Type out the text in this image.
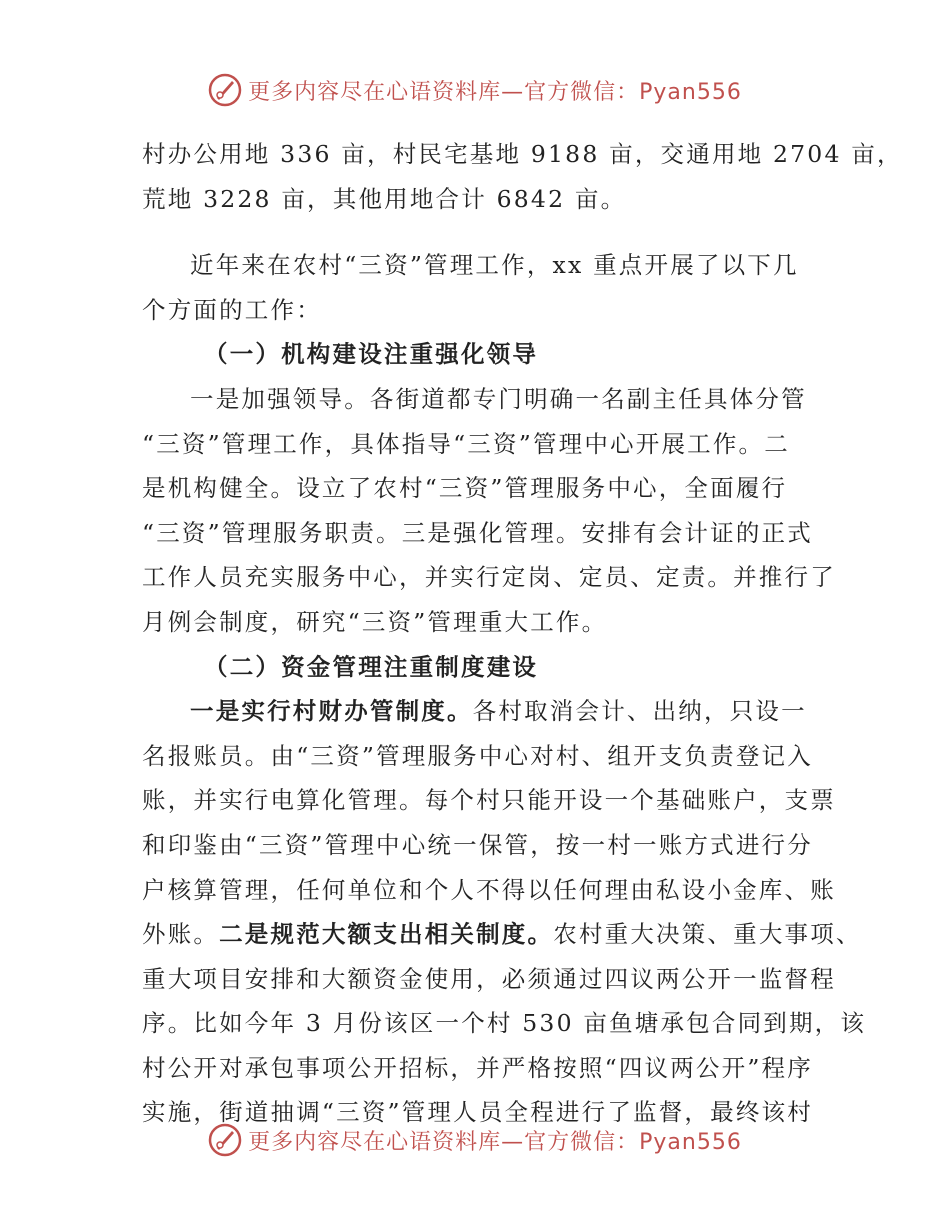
更多内容尽在心语资料库—官方微信：Pyan556
村办公用地 336 亩，村民宅基地 9188 亩，交通用地 2704 亩，
荒地 3228 亩，其他用地合计 6842 亩。
近年来在农村“三资”管理工作，xx 重点开展了以下几
个方面的工作：
（一）机构建设注重强化领导
一是加强领导。各街道都专门明确一名副主任具体分管
“三资”管理工作，具体指导“三资”管理中心开展工作。二
是机构健全。设立了农村“三资”管理服务中心，全面履行
“三资”管理服务职责。三是强化管理。安排有会计证的正式
工作人员充实服务中心，并实行定岗、定员、定责。并推行了
月例会制度，研究“三资”管理重大工作。
（二）资金管理注重制度建设
一是实行村财办管制度。各村取消会计、出纳，只设一
名报账员。由“三资”管理服务中心对村、组开支负责登记入
账，并实行电算化管理。每个村只能开设一个基础账户，支票
和印鉴由“三资”管理中心统一保管，按一村一账方式进行分
户核算管理，任何单位和个人不得以任何理由私设小金库、账
外账。二是规范大额支出相关制度。农村重大决策、重大事项、
重大项目安排和大额资金使用，必须通过四议两公开一监督程
序。比如今年 3 月份该区一个村 530 亩鱼塘承包合同到期，该
村公开对承包事项公开招标，并严格按照“四议两公开”程序
实施，街道抽调“三资”管理人员全程进行了监督，最终该村
更多内容尽在心语资料库—官方微信：Pyan556
